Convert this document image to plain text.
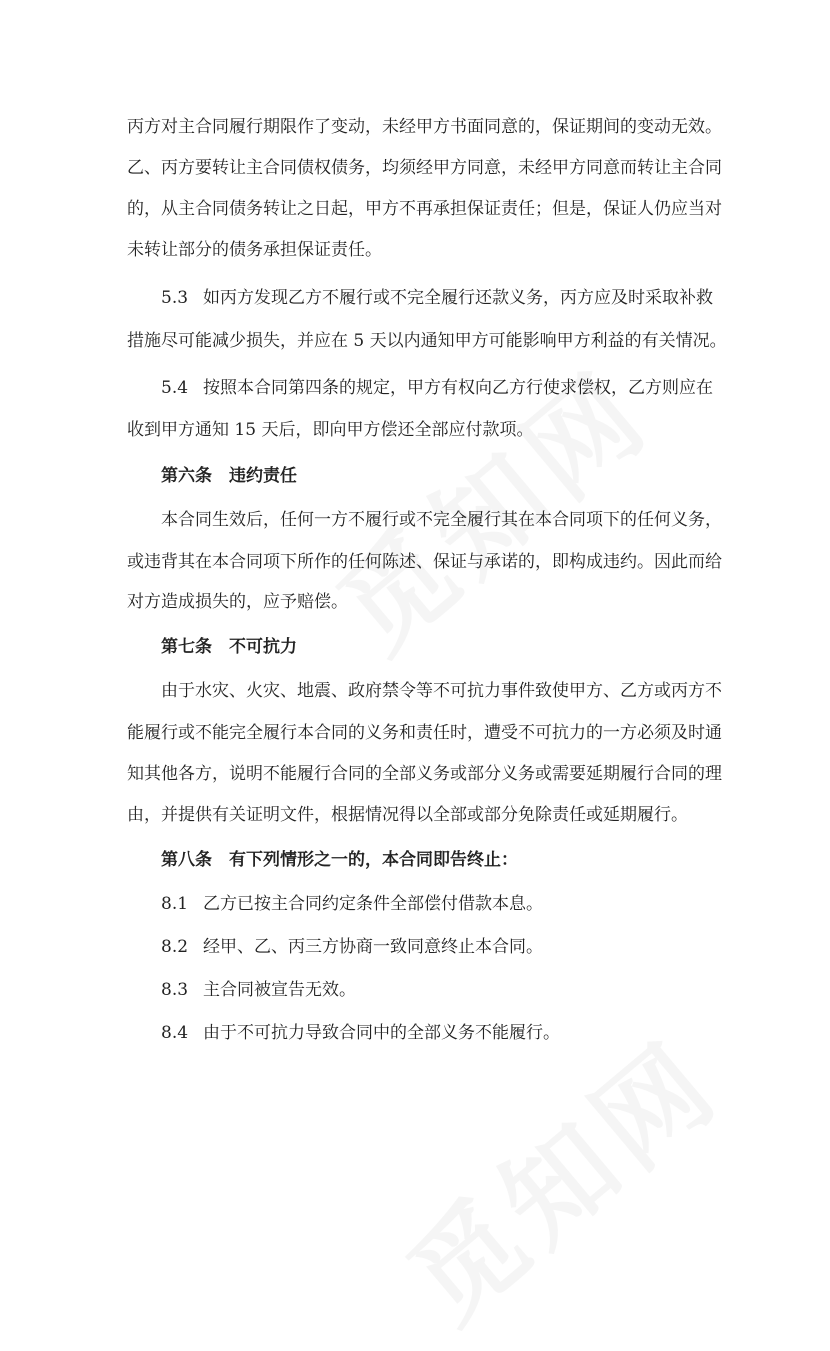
丙方对主合同履行期限作了变动，未经甲方书面同意的，保证期间的变动无效。
乙、丙方要转让主合同债权债务，均须经甲方同意，未经甲方同意而转让主合同
的，从主合同债务转让之日起，甲方不再承担保证责任；但是，保证人仍应当对
未转让部分的债务承担保证责任。
5.3 如丙方发现乙方不履行或不完全履行还款义务，丙方应及时采取补救
措施尽可能减少损失，并应在 5 天以内通知甲方可能影响甲方利益的有关情况。
5.4 按照本合同第四条的规定，甲方有权向乙方行使求偿权，乙方则应在
收到甲方通知 15 天后，即向甲方偿还全部应付款项。
第六条　违约责任
本合同生效后，任何一方不履行或不完全履行其在本合同项下的任何义务，
或违背其在本合同项下所作的任何陈述、保证与承诺的，即构成违约。因此而给
对方造成损失的，应予赔偿。
第七条　不可抗力
由于水灾、火灾、地震、政府禁令等不可抗力事件致使甲方、乙方或丙方不
能履行或不能完全履行本合同的义务和责任时，遭受不可抗力的一方必须及时通
知其他各方，说明不能履行合同的全部义务或部分义务或需要延期履行合同的理
由，并提供有关证明文件，根据情况得以全部或部分免除责任或延期履行。
第八条　有下列情形之一的，本合同即告终止：
8.1 乙方已按主合同约定条件全部偿付借款本息。
8.2 经甲、乙、丙三方协商一致同意终止本合同。
8.3 主合同被宣告无效。
8.4 由于不可抗力导致合同中的全部义务不能履行。
